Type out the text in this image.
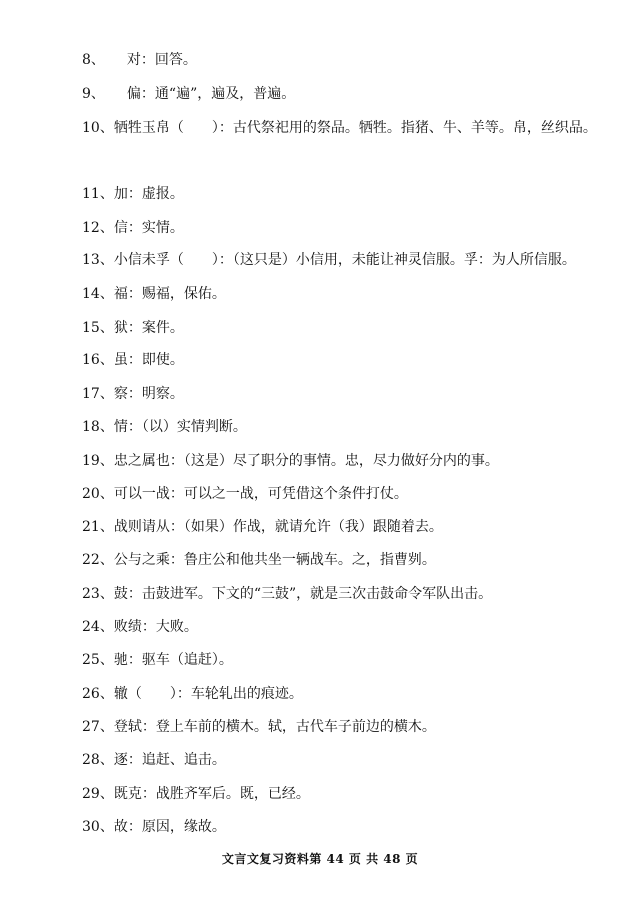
8、 对：回答。
9、 偏：通“遍”，遍及，普遍。
10、牺牲玉帛（　　）：古代祭祀用的祭品。牺牲。指猪、牛、羊等。帛，丝织品。
11、加：虚报。
12、信：实情。
13、小信未孚（　　）：（这只是）小信用，未能让神灵信服。孚：为人所信服。
14、福：赐福，保佑。
15、狱：案件。
16、虽：即使。
17、察：明察。
18、情：（以）实情判断。
19、忠之属也：（这是）尽了职分的事情。忠，尽力做好分内的事。
20、可以一战：可以之一战，可凭借这个条件打仗。
21、战则请从：（如果）作战，就请允许（我）跟随着去。
22、公与之乘：鲁庄公和他共坐一辆战车。之，指曹刿。
23、鼓：击鼓进军。下文的“三鼓”，就是三次击鼓命令军队出击。
24、败绩：大败。
25、驰：驱车（追赶）。
26、辙（　　）：车轮轧出的痕迹。
27、登轼：登上车前的横木。轼，古代车子前边的横木。
28、逐：追赶、追击。
29、既克：战胜齐军后。既，已经。
30、故：原因，缘故。
文言文复习资料第 44 页 共 48 页
